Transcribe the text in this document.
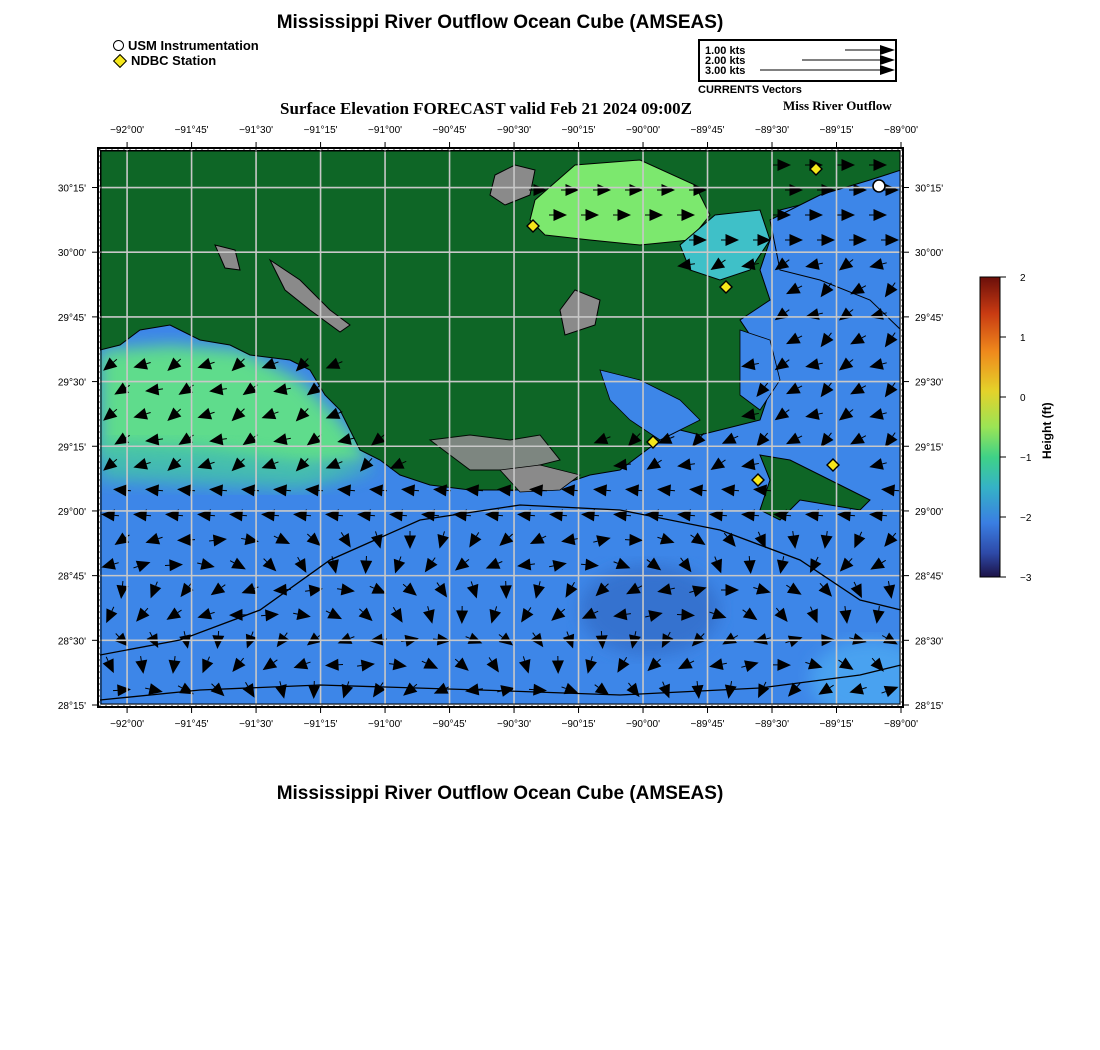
Mississippi River Outflow Ocean Cube (AMSEAS)
USM Instrumentation
NDBC Station
1.00 kts
2.00 kts
3.00 kts
CURRENTS Vectors
Surface Elevation FORECAST valid Feb 21 2024 09:00Z	Miss River Outflow
−92°00'
−92°00'
−91°45'
−91°45'
−91°30'
−91°30'
−91°15'
−91°15'
−91°00'
−91°00'
−90°45'
−90°45'
−90°30'
−90°30'
−90°15'
−90°15'
−90°00'
−90°00'
−89°45'
−89°45'
−89°30'
−89°30'
−89°15'
−89°15'
−89°00'
−89°00'
30°15'	30°15'
30°00'	30°00'
29°45'	29°45'
29°30'	29°30'
29°15'	29°15'
29°00'	29°00'
28°45'	28°45'
28°30'	28°30'
28°15'	28°15'
2
1
0
−1
−2
−3
Height (ft)
Mississippi River Outflow Ocean Cube (AMSEAS)
